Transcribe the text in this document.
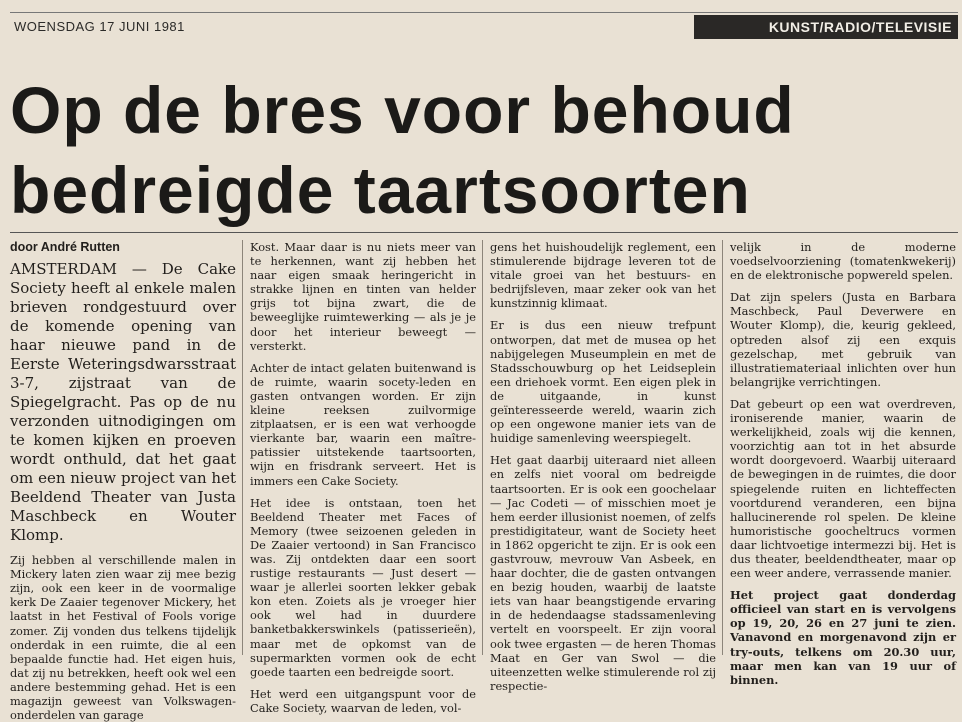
WOENSDAG 17 JUNI 1981	KUNST/RADIO/TELEVISIE
Op de bres voor behoud
bedreigde taartsoorten
door André Rutten

AMSTERDAM — De Cake Society heeft al enkele malen brieven rondgestuurd over de komende opening van haar nieuwe pand in de Eerste Weteringsdwarsstraat 3-7, zijstraat van de Spiegelgracht. Pas op de nu verzonden uitnodigingen om te komen kijken en proeven wordt onthuld, dat het gaat om een nieuw project van het Beeldend Theater van Justa Maschbeck en Wouter Klomp.

Zij hebben al verschillende malen in Mickery laten zien waar zij mee bezig zijn, ook een keer in de voormalige kerk De Zaaier tegenover Mickery, het laatst in het Festival of Fools vorige zomer. Zij vonden dus telkens tijdelijk onderdak in een ruimte, die al een bepaalde functie had. Het eigen huis, dat zij nu betrekken, heeft ook wel een andere bestemming gehad. Het is een magazijn geweest van Volkswagen-onderdelen van garage

Kost. Maar daar is nu niets meer van te herkennen, want zij hebben het naar eigen smaak heringericht in strakke lijnen en tinten van helder grijs tot bijna zwart, die de beweeglijke ruimtewerking — als je je door het interieur beweegt — versterkt.

Achter de intact gelaten buitenwand is de ruimte, waarin socety-leden en gasten ontvangen worden. Er zijn kleine reeksen zuilvormige zitplaatsen, er is een wat verhoogde vierkante bar, waarin een maître-patissier uitstekende taartsoorten, wijn en frisdrank serveert. Het is immers een Cake Society.

Het idee is ontstaan, toen het Beeldend Theater met Faces of Memory (twee seizoenen geleden in De Zaaier vertoond) in San Francisco was. Zij ontdekten daar een soort rustige restaurants — Just desert — waar je allerlei soorten lekker gebak kon eten. Zoiets als je vroeger hier ook wel had in duurdere banketbakkerswinkels (patisserieën), maar met de opkomst van de supermarkten vormen ook de echt goede taarten een bedreigde soort.

Het werd een uitgangspunt voor de Cake Society, waarvan de leden, vol-

gens het huishoudelijk reglement, een stimulerende bijdrage leveren tot de vitale groei van het bestuurs- en bedrijfsleven, maar zeker ook van het kunstzinnig klimaat.

Er is dus een nieuw trefpunt ontworpen, dat met de musea op het nabijgelegen Museumplein en met de Stadsschouwburg op het Leidseplein een driehoek vormt. Een eigen plek in de uitgaande, in kunst geïnteresseerde wereld, waarin zich op een ongewone manier iets van de huidige samenleving weerspiegelt.

Het gaat daarbij uiteraard niet alleen en zelfs niet vooral om bedreigde taartsoorten. Er is ook een goochelaar — Jac Codeti — of misschien moet je hem eerder illusionist noemen, of zelfs prestidigitateur, want de Society heet in 1862 opgericht te zijn. Er is ook een gastvrouw, mevrouw Van Asbeek, en haar dochter, die de gasten ontvangen en bezig houden, waarbij de laatste iets van haar beangstigende ervaring in de hedendaagse stadssamenleving vertelt en voorspeelt. Er zijn vooral ook twee ergasten — de heren Thomas Maat en Ger van Swol — die uiteenzetten welke stimulerende rol zij respectie-

velijk in de moderne voedselvoorziening (tomatenkwekerij) en de elektronische popwereld spelen.

Dat zijn spelers (Justa en Barbara Maschbeck, Paul Deverwere en Wouter Klomp), die, keurig gekleed, optreden alsof zij een exquis gezelschap, met gebruik van illustratiemateriaal inlichten over hun belangrijke verrichtingen.

Dat gebeurt op een wat overdreven, ironiserende manier, waarin de werkelijkheid, zoals wij die kennen, voorzichtig aan tot in het absurde wordt doorgevoerd. Waarbij uiteraard de bewegingen in de ruimtes, die door spiegelende ruiten en lichteffecten voortdurend veranderen, een bijna hallucinerende rol spelen. De kleine humoristische goocheltrucs vormen daar lichtvoetige intermezzi bij. Het is dus theater, beeldendtheater, maar op een weer andere, verrassende manier.

Het project gaat donderdag officieel van start en is vervolgens op 19, 20, 26 en 27 juni te zien. Vanavond en morgenavond zijn er try-outs, telkens om 20.30 uur, maar men kan van 19 uur of binnen.
